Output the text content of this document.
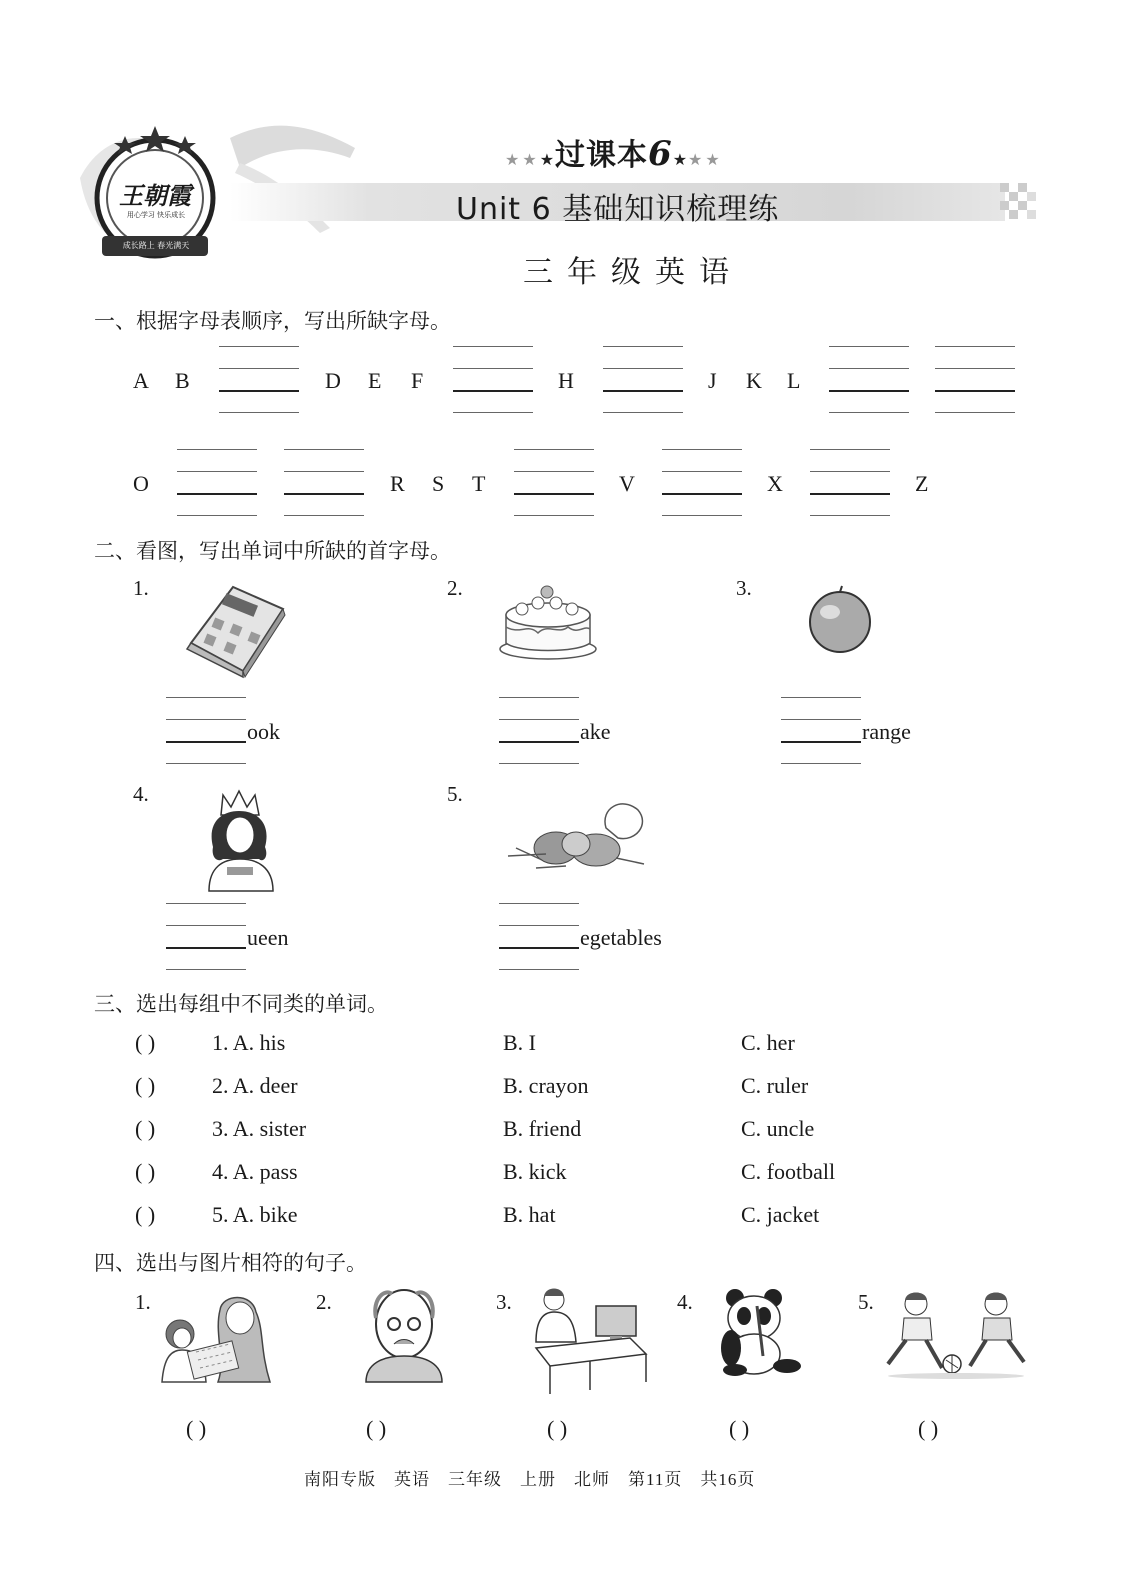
王朝霞
用心学习 快乐成长
成长路上 春光满天
★★★过课本6★★★
Unit 6 基础知识梳理练
三年级英语
一、根据字母表顺序，写出所缺字母。
A B	D E F	H	J K L
O	R S T	V	X	Z
二、看图，写出单词中所缺的首字母。
1.
ook
2.
ake
3.
range
4.
ueen
5.
egetables
三、选出每组中不同类的单词。
( )	1. A. his	B. I	C. her
( )	2. A. deer	B. crayon	C. ruler
( )	3. A. sister	B. friend	C. uncle
( )	4. A. pass	B. kick	C. football
( )	5. A. bike	B. hat	C. jacket
四、选出与图片相符的句子。
1.
( )
2.
( )
3.
( )
4.
( )
5.
( )
南阳专版　英语　三年级　上册　北师　第11页　共16页
